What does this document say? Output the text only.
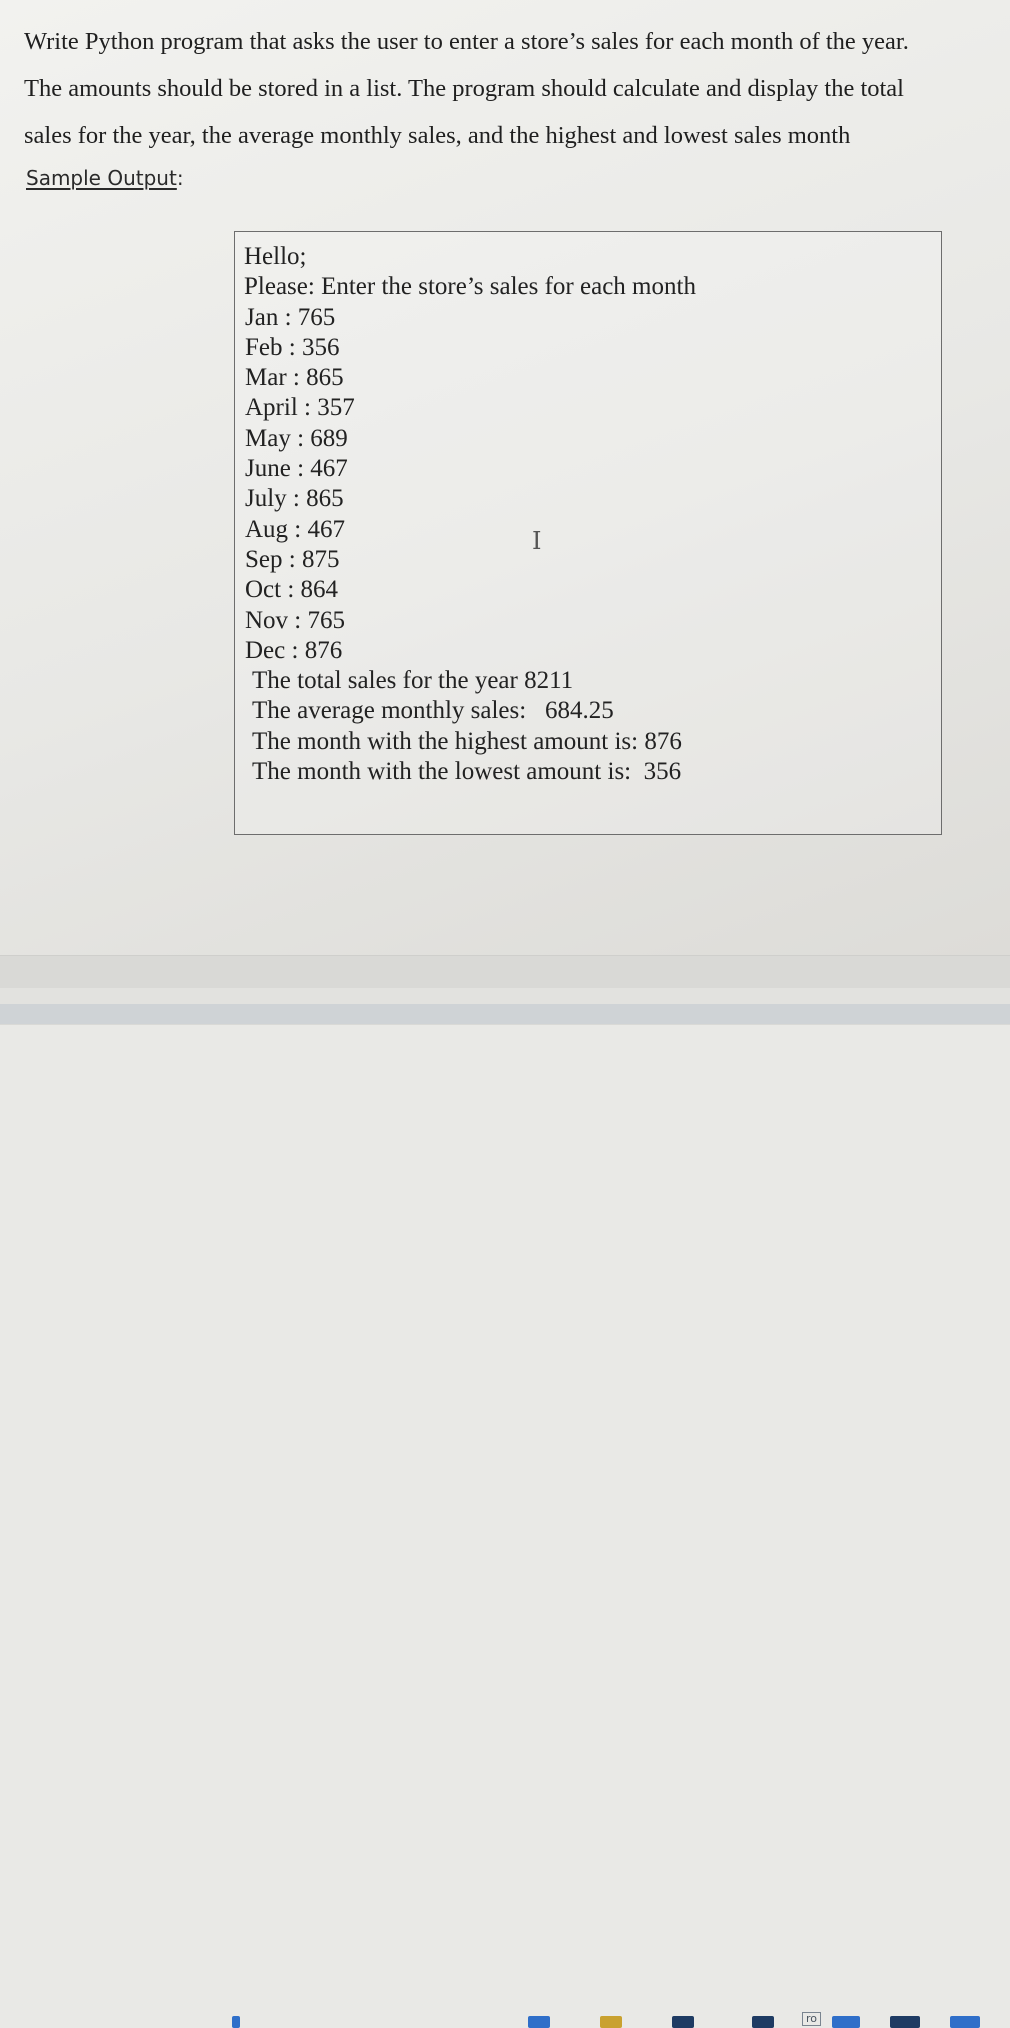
Write Python program that asks the user to enter a store’s sales for each month of the year.

The amounts should be stored in a list. The program should calculate and display the total

sales for the year, the average monthly sales, and the highest and lowest sales month

Sample Output:
Hello;
Please: Enter the store’s sales for each month
Jan : 765
Feb : 356
Mar : 865
April : 357
May : 689
June : 467
July : 865
Aug : 467
Sep : 875
Oct : 864
Nov : 765
Dec : 876
The total sales for the year 8211
The average monthly sales:   684.25
The month with the highest amount is: 876
The month with the lowest amount is:  356
I
ro
